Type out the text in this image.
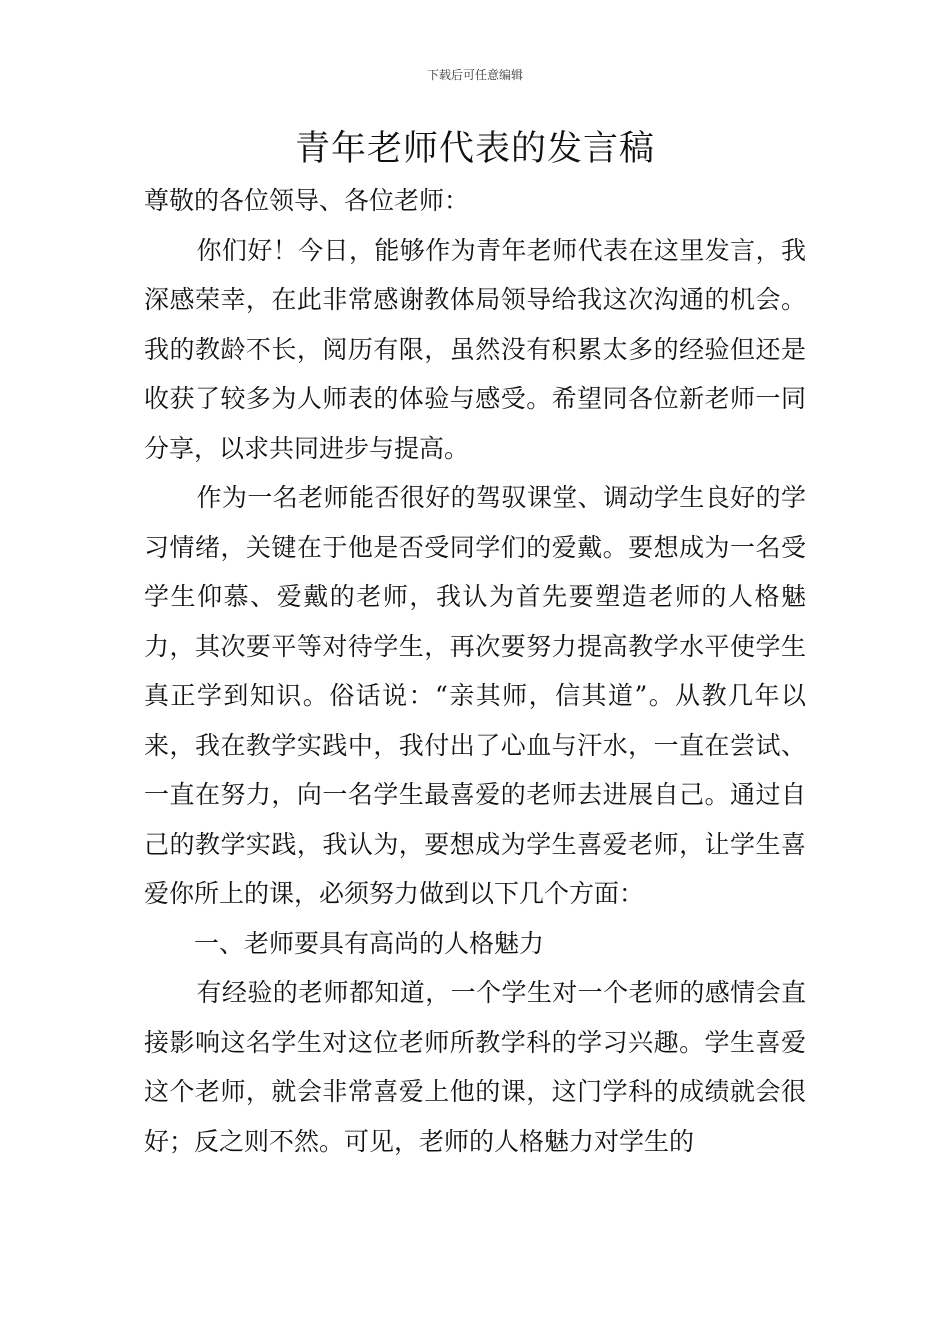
下载后可任意编辑
青年老师代表的发言稿

尊敬的各位领导、各位老师：

你们好！今日，能够作为青年老师代表在这里发言，我深感荣幸，在此非常感谢教体局领导给我这次沟通的机会。我的教龄不长，阅历有限，虽然没有积累太多的经验但还是收获了较多为人师表的体验与感受。希望同各位新老师一同分享，以求共同进步与提高。

作为一名老师能否很好的驾驭课堂、调动学生良好的学习情绪，关键在于他是否受同学们的爱戴。要想成为一名受学生仰慕、爱戴的老师，我认为首先要塑造老师的人格魅力，其次要平等对待学生，再次要努力提高教学水平使学生真正学到知识。俗话说：“亲其师，信其道”。从教几年以来，我在教学实践中，我付出了心血与汗水，一直在尝试、一直在努力，向一名学生最喜爱的老师去进展自己。通过自己的教学实践，我认为，要想成为学生喜爱老师，让学生喜爱你所上的课，必须努力做到以下几个方面：

一、老师要具有高尚的人格魅力

有经验的老师都知道，一个学生对一个老师的感情会直接影响这名学生对这位老师所教学科的学习兴趣。学生喜爱这个老师，就会非常喜爱上他的课，这门学科的成绩就会很好；反之则不然。可见，老师的人格魅力对学生的
